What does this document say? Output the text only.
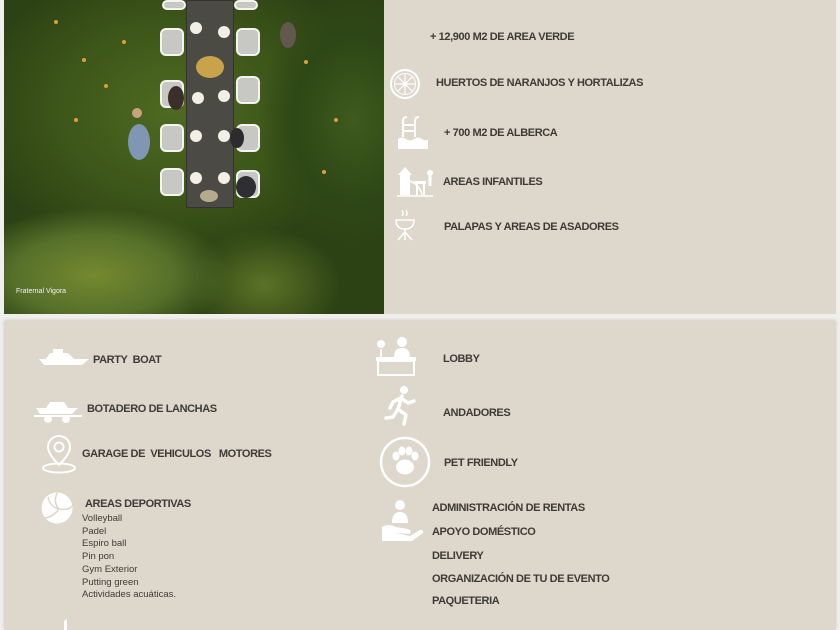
Fraternal Vigora
+ 12,900 M2 DE AREA VERDE
HUERTOS DE NARANJOS Y HORTALIZAS
+ 700 M2 DE ALBERCA
AREAS INFANTILES
PALAPAS Y AREAS DE ASADORES
PARTY  BOAT
BOTADERO DE LANCHAS
GARAGE DE  VEHICULOS   MOTORES
AREAS DEPORTIVAS
Volleyball
Padel
Espiro ball
Pin pon
Gym Exterior
Putting green
Actividades acuáticas.
LOBBY
ANDADORES
PET FRIENDLY
ADMINISTRACIÓN DE RENTAS
APOYO DOMÉSTICO
DELIVERY
ORGANIZACIÓN DE TU DE EVENTO
PAQUETERIA
